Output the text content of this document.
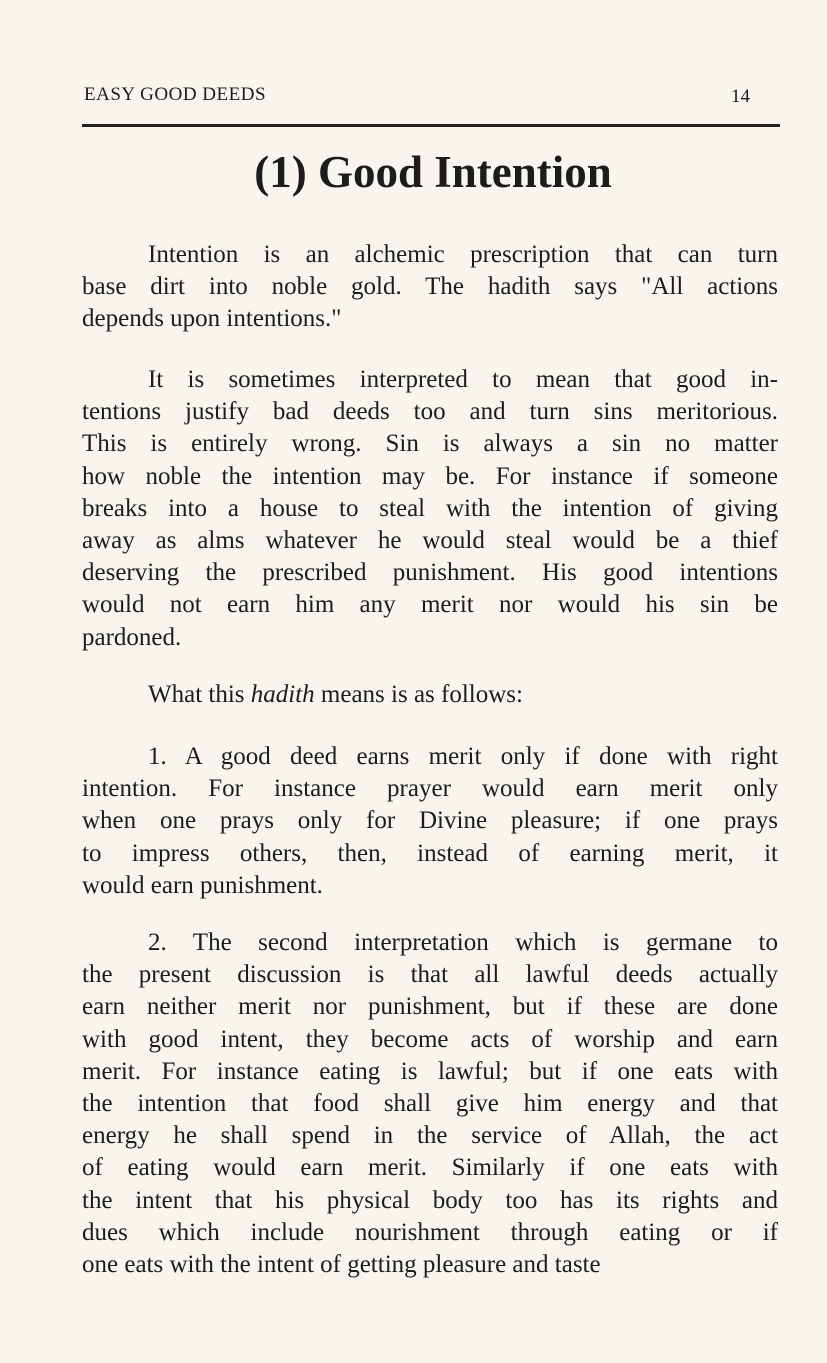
EASY GOOD DEEDS	14
(1) Good Intention
Intention is an alchemic prescription that can turn
base dirt into noble gold. The hadith says "All actions
depends upon intentions."
It is sometimes interpreted to mean that good in-
tentions justify bad deeds too and turn sins meritorious.
This is entirely wrong. Sin is always a sin no matter
how noble the intention may be. For instance if someone
breaks into a house to steal with the intention of giving
away as alms whatever he would steal would be a thief
deserving the prescribed punishment. His good intentions
would not earn him any merit nor would his sin be
pardoned.
What this hadith means is as follows:
1. A good deed earns merit only if done with right
intention. For instance prayer would earn merit only
when one prays only for Divine pleasure; if one prays
to impress others, then, instead of earning merit, it
would earn punishment.
2. The second interpretation which is germane to
the present discussion is that all lawful deeds actually
earn neither merit nor punishment, but if these are done
with good intent, they become acts of worship and earn
merit. For instance eating is lawful; but if one eats with
the intention that food shall give him energy and that
energy he shall spend in the service of Allah, the act
of eating would earn merit. Similarly if one eats with
the intent that his physical body too has its rights and
dues which include nourishment through eating or if
one eats with the intent of getting pleasure and taste
